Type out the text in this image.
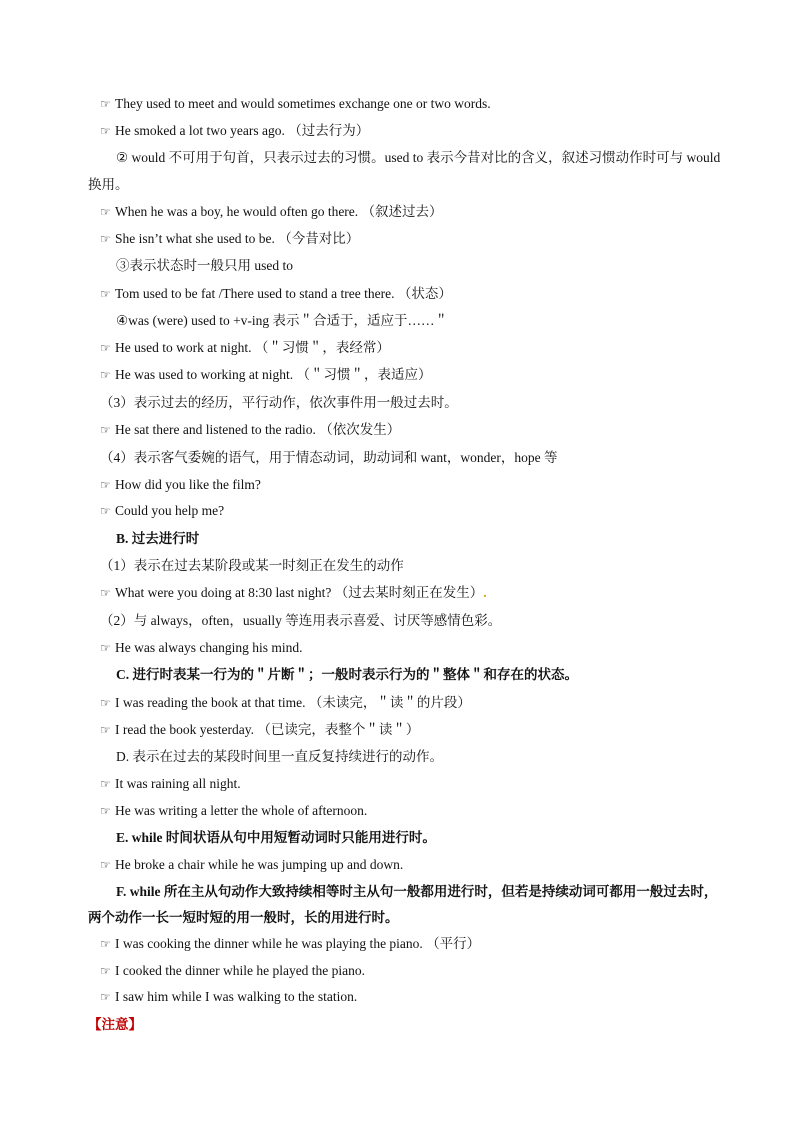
☞ They used to meet and would sometimes exchange one or two words.
☞ He smoked a lot two years ago. （过去行为）
② would 不可用于句首，只表示过去的习惯。used to 表示今昔对比的含义，叙述习惯动作时可与 would
换用。
☞ When he was a boy, he would often go there. （叙述过去）
☞ She isn’t what she used to be. （今昔对比）
③表示状态时一般只用 used to
☞ Tom used to be fat /There used to stand a tree there. （状态）
④was (were) used to +v-ing 表示＂合适于，适应于……＂
☞ He used to work at night. （＂习惯＂，表经常）
☞ He was used to working at night. （＂习惯＂，表适应）
（3）表示过去的经历，平行动作，依次事件用一般过去时。
☞ He sat there and listened to the radio. （依次发生）
（4）表示客气委婉的语气，用于情态动词，助动词和 want，wonder，hope 等
☞ How did you like the film?
☞ Could you help me?
B. 过去进行时
（1）表示在过去某阶段或某一时刻正在发生的动作
☞ What were you doing at 8:30 last night? （过去某时刻正在发生）.
（2）与 always，often，usually 等连用表示喜爱、讨厌等感情色彩。
☞ He was always changing his mind.
C. 进行时表某一行为的＂片断＂；一般时表示行为的＂整体＂和存在的状态。
☞ I was reading the book at that time. （未读完，＂读＂的片段）
☞ I read the book yesterday. （已读完，表整个＂读＂）
D. 表示在过去的某段时间里一直反复持续进行的动作。
☞ It was raining all night.
☞ He was writing a letter the whole of afternoon.
E. while 时间状语从句中用短暂动词时只能用进行时。
☞ He broke a chair while he was jumping up and down.
F. while 所在主从句动作大致持续相等时主从句一般都用进行时，但若是持续动词可都用一般过去时，
两个动作一长一短时短的用一般时，长的用进行时。
☞ I was cooking the dinner while he was playing the piano. （平行）
☞ I cooked the dinner while he played the piano.
☞ I saw him while I was walking to the station.
【注意】
